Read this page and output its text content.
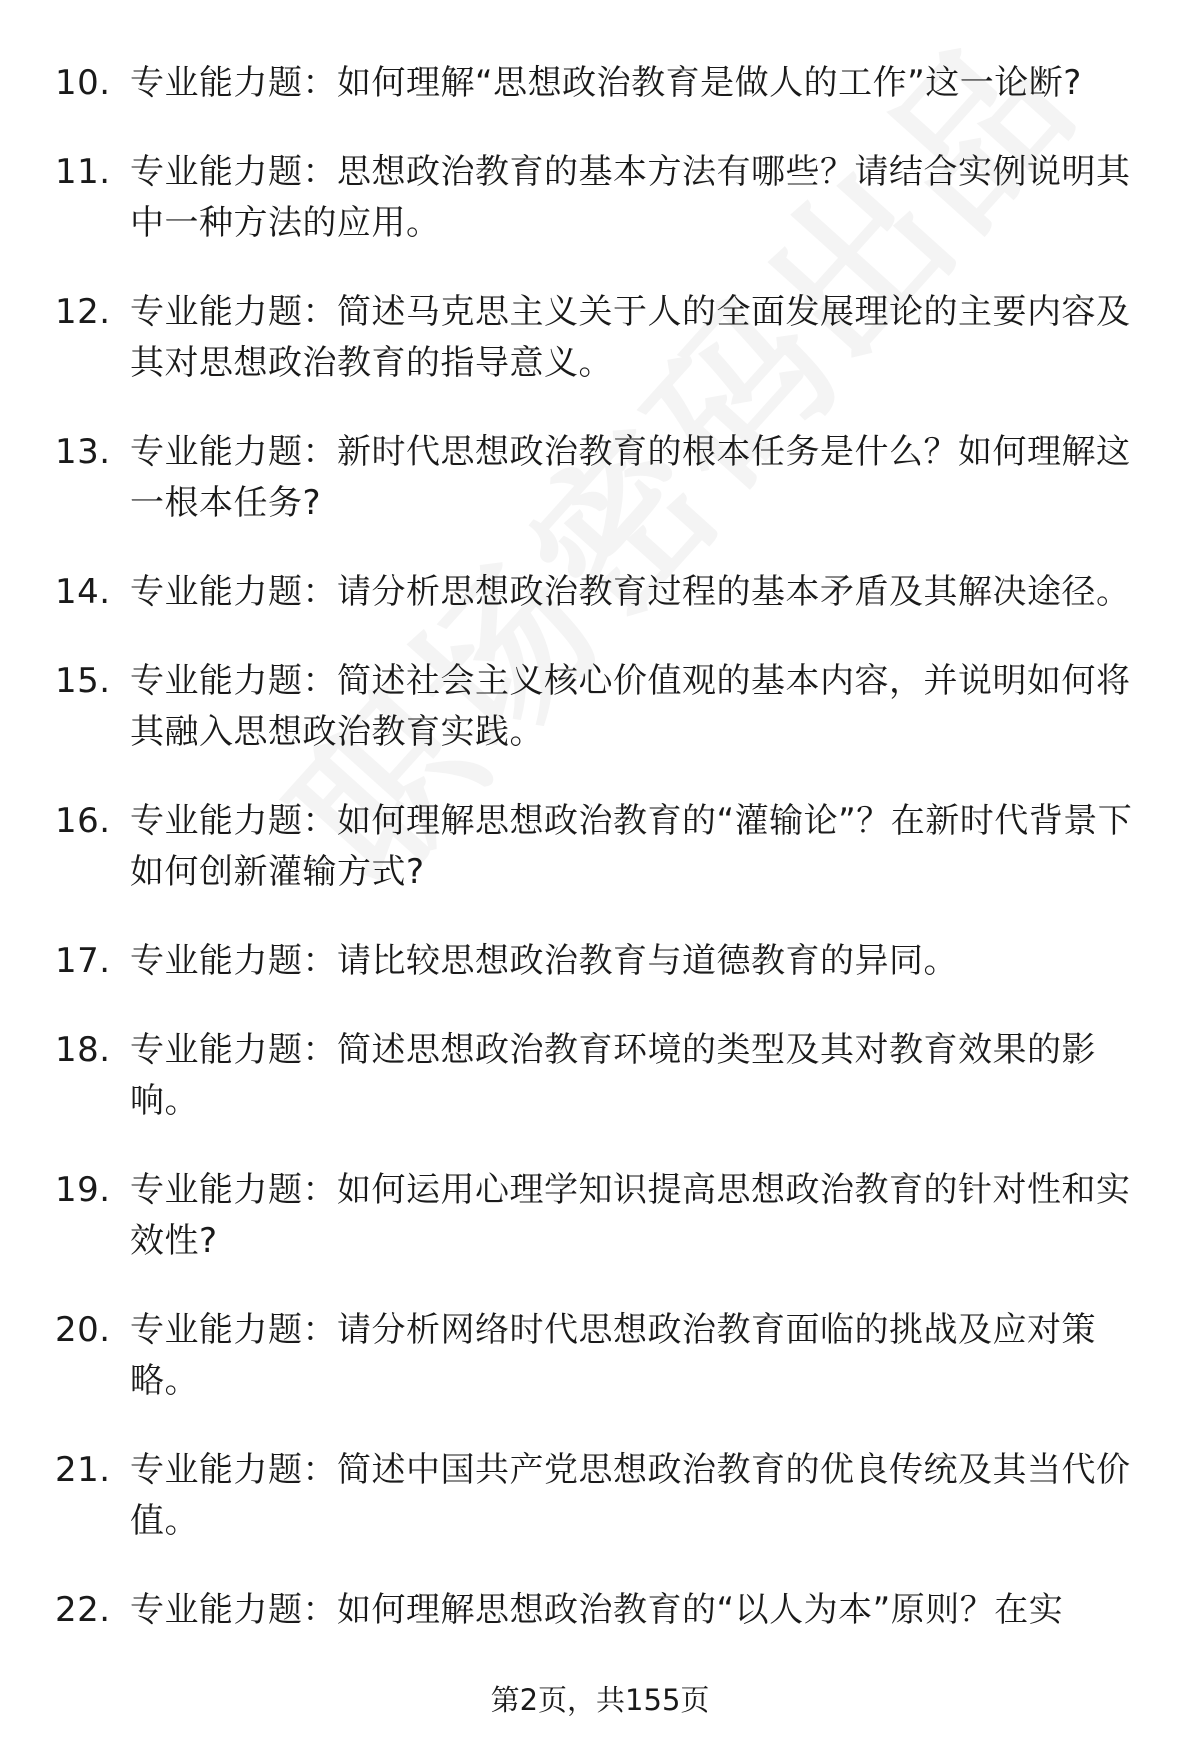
10. 专业能力题：如何理解“思想政治教育是做人的工作”这一论断?
11. 专业能力题：思想政治教育的基本方法有哪些？请结合实例说明其中一种方法的应用。
12. 专业能力题：简述马克思主义关于人的全面发展理论的主要内容及其对思想政治教育的指导意义。
13. 专业能力题：新时代思想政治教育的根本任务是什么？如何理解这一根本任务?
14. 专业能力题：请分析思想政治教育过程的基本矛盾及其解决途径。
15. 专业能力题：简述社会主义核心价值观的基本内容，并说明如何将其融入思想政治教育实践。
16. 专业能力题：如何理解思想政治教育的“灌输论”？在新时代背景下如何创新灌输方式?
17. 专业能力题：请比较思想政治教育与道德教育的异同。
18. 专业能力题：简述思想政治教育环境的类型及其对教育效果的影响。
19. 专业能力题：如何运用心理学知识提高思想政治教育的针对性和实效性?
20. 专业能力题：请分析网络时代思想政治教育面临的挑战及应对策略。
21. 专业能力题：简述中国共产党思想政治教育的优良传统及其当代价值。
22. 专业能力题：如何理解思想政治教育的“以人为本”原则？在实
第2页，共155页
